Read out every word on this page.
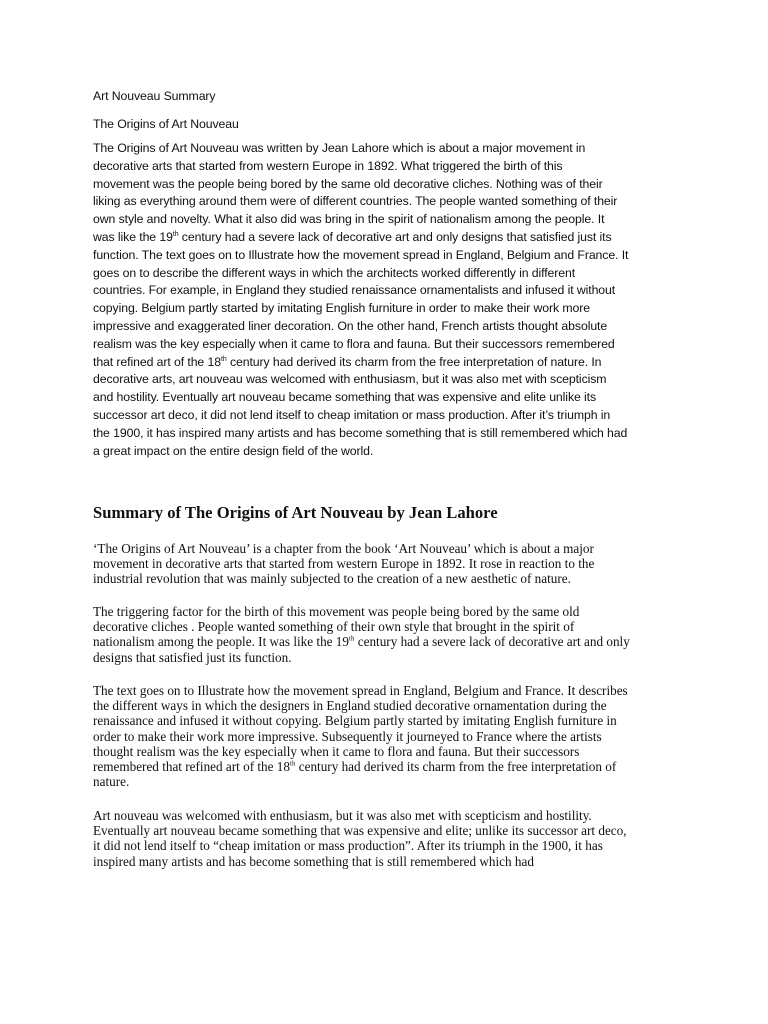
Art Nouveau Summary

The Origins of Art Nouveau

The Origins of Art Nouveau was written by Jean Lahore which is about a major movement in
decorative arts that started from western Europe in 1892. What triggered the birth of this
movement was the people being bored by the same old decorative cliches. Nothing was of their
liking as everything around them were of different countries. The people wanted something of their
own style and novelty. What it also did was bring in the spirit of nationalism among the people. It
was like the 19th century had a severe lack of decorative art and only designs that satisfied just its
function. The text goes on to Illustrate how the movement spread in England, Belgium and France. It
goes on to describe the different ways in which the architects worked differently in different
countries. For example, in England they studied renaissance ornamentalists and infused it without
copying. Belgium partly started by imitating English furniture in order to make their work more
impressive and exaggerated liner decoration. On the other hand, French artists thought absolute
realism was the key especially when it came to flora and fauna. But their successors remembered
that refined art of the 18th century had derived its charm from the free interpretation of nature. In
decorative arts, art nouveau was welcomed with enthusiasm, but it was also met with scepticism
and hostility. Eventually art nouveau became something that was expensive and elite unlike its
successor art deco, it did not lend itself to cheap imitation or mass production. After it’s triumph in
the 1900, it has inspired many artists and has become something that is still remembered which had
a great impact on the entire design field of the world.
Summary of The Origins of Art Nouveau by Jean Lahore
‘The Origins of Art Nouveau’ is a chapter from the book ‘Art Nouveau’ which is about a major
movement in decorative arts that started from western Europe in 1892. It rose in reaction to the
industrial revolution that was mainly subjected to the creation of a new aesthetic of nature.
The triggering factor for the birth of this movement was people being bored by the same old
decorative cliches . People wanted something of their own style that brought in the spirit of
nationalism among the people. It was like the 19th century had a severe lack of decorative art and only
designs that satisfied just its function.
The text goes on to Illustrate how the movement spread in England, Belgium and France. It describes
the different ways in which the designers in England studied decorative ornamentation during the
renaissance and infused it without copying. Belgium partly started by imitating English furniture in
order to make their work more impressive. Subsequently it journeyed to France where the artists
thought realism was the key especially when it came to flora and fauna. But their successors
remembered that refined art of the 18th century had derived its charm from the free interpretation of
nature.
Art nouveau was welcomed with enthusiasm, but it was also met with scepticism and hostility.
Eventually art nouveau became something that was expensive and elite; unlike its successor art deco,
it did not lend itself to “cheap imitation or mass production”. After its triumph in the 1900, it has
inspired many artists and has become something that is still remembered which had
